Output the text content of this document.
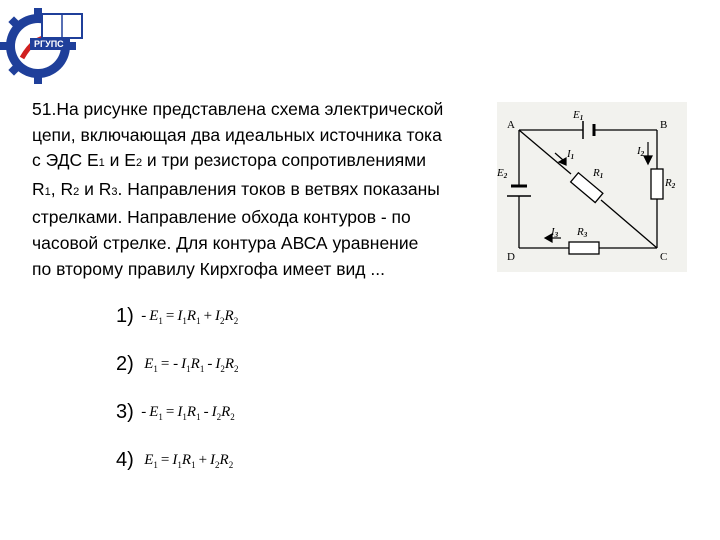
РГУПС
51.На рисунке представлена схема электрической
цепи, включающая два идеальных источника тока
с ЭДС Е1 и Е2 и три резистора сопротивлениями
R1, R2 и R3. Направления токов в ветвях показаны
стрелками. Направление обхода контуров - по
часовой стрелке. Для контура АВСА уравнение
по второму правилу Кирхгофа имеет вид ...
A	B
C
D
E1
E2
I2
R2
I1
R1
R3
I3
$1) - E_1 = I_1R_1 + I_2R_2$
2) $E_1$ = - $I_1R_1 - I_2R_2$
$3) - E_1 = I_1R_1 - I_2R_2$
4) $E_1 = I_1R_1 + I_2R_2$
